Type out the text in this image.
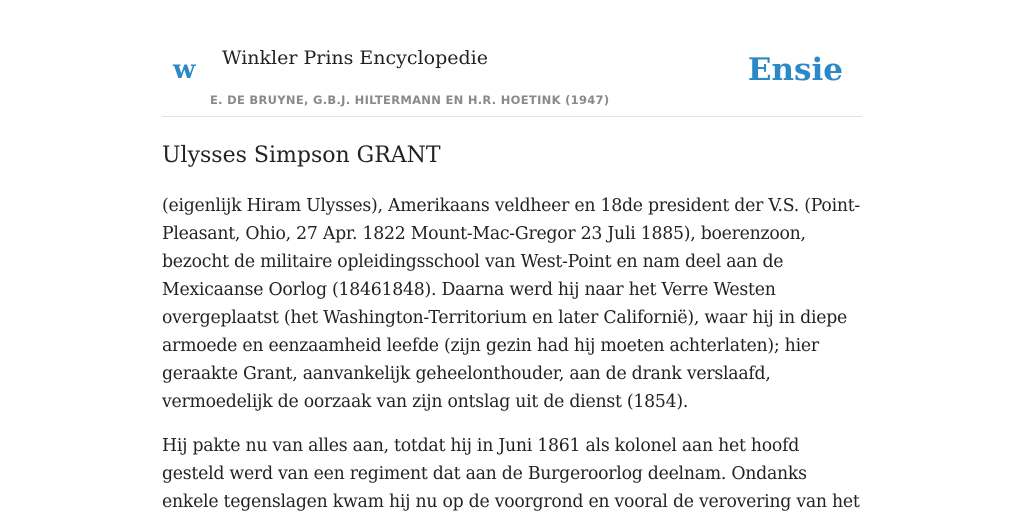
w Winkler Prins Encyclopedie
E. DE BRUYNE, G.B.J. HILTERMANN EN H.R. HOETINK (1947)
Ensie
Ulysses Simpson GRANT

(eigenlijk Hiram Ulysses), Amerikaans veldheer en 18de president der V.S. (Point-Pleasant, Ohio, 27 Apr. 1822 Mount-Mac-Gregor 23 Juli 1885), boerenzoon, bezocht de militaire opleidingsschool van West-Point en nam deel aan de Mexicaanse Oorlog (18461848). Daarna werd hij naar het Verre Westen overgeplaatst (het Washington-Territorium en later Californië), waar hij in diepe armoede en eenzaamheid leefde (zijn gezin had hij moeten achterlaten); hier geraakte Grant, aanvankelijk geheelonthouder, aan de drank verslaafd, vermoedelijk de oorzaak van zijn ontslag uit de dienst (1854).

Hij pakte nu van alles aan, totdat hij in Juni 1861 als kolonel aan het hoofd gesteld werd van een regiment dat aan de Burgeroorlog deelnam. Ondanks enkele tegenslagen kwam hij nu op de voorgrond en vooral de verovering van het
